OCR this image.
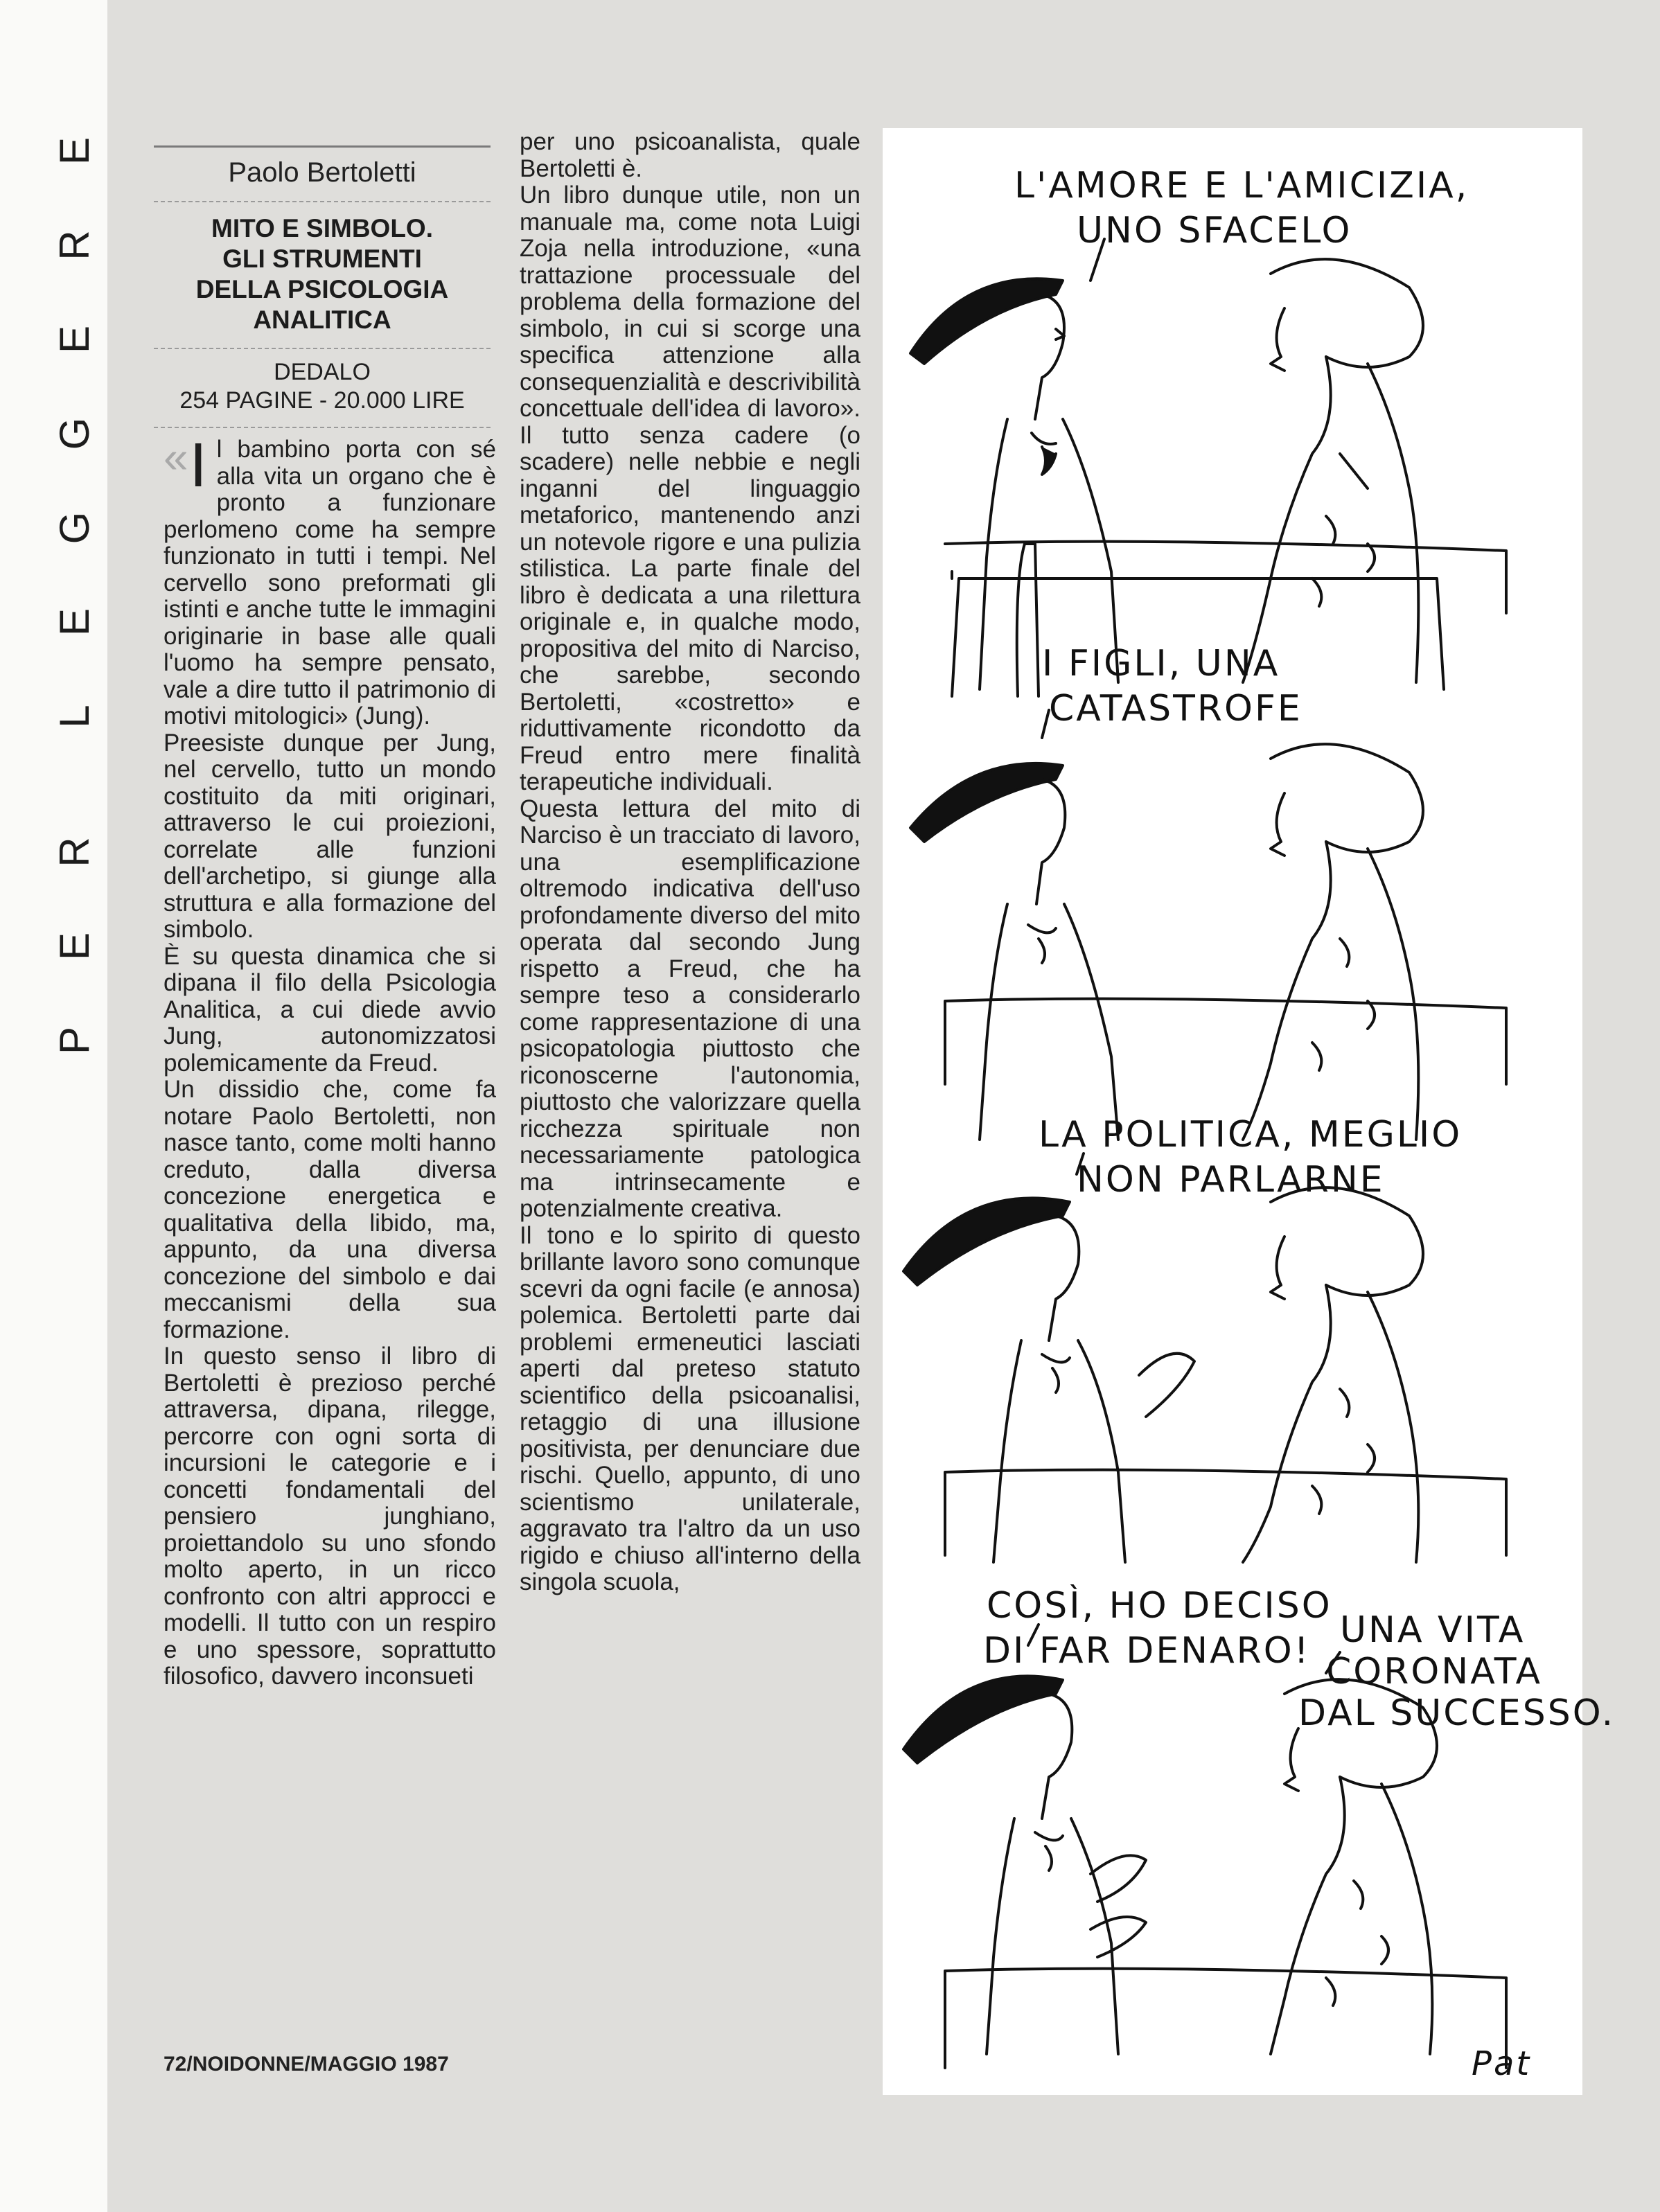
E
R
E
G
G
E
L
R
E
P
Paolo Bertoletti
MITO E SIMBOLO.
GLI STRUMENTI
DELLA PSICOLOGIA
ANALITICA
DEDALO
254 PAGINE - 20.000 LIRE

« I l bambino porta con sé alla vita un organo che è pronto a funzionare perlomeno come ha sempre funzionato in tutti i tempi. Nel cervello sono preformati gli istinti e anche tutte le immagini originarie in base alle quali l'uomo ha sempre pensato, vale a dire tutto il patrimonio di motivi mitologici» (Jung).

Preesiste dunque per Jung, nel cervello, tutto un mondo costituito da miti originari, attraverso le cui proiezioni, correlate alle funzioni dell'archetipo, si giunge alla struttura e alla formazione del simbolo.

È su questa dinamica che si dipana il filo della Psicologia Analitica, a cui diede avvio Jung, autonomizzatosi polemicamente da Freud.

Un dissidio che, come fa notare Paolo Bertoletti, non nasce tanto, come molti hanno creduto, dalla diversa concezione energetica e qualitativa della libido, ma, appunto, da una diversa concezione del simbolo e dai meccanismi della sua formazione.

In questo senso il libro di Bertoletti è prezioso perché attraversa, dipana, rilegge, percorre con ogni sorta di incursioni le categorie e i concetti fondamentali del pensiero junghiano, proiettandolo su uno sfondo molto aperto, in un ricco confronto con altri approcci e modelli. Il tutto con un respiro e uno spessore, soprattutto filosofico, davvero inconsueti

per uno psicoanalista, quale Bertoletti è.

Un libro dunque utile, non un manuale ma, come nota Luigi Zoja nella introduzione, «una trattazione processuale del problema della formazione del simbolo, in cui si scorge una specifica attenzione alla consequenzialità e descrivibilità concettuale dell'idea di lavoro». Il tutto senza cadere (o scadere) nelle nebbie e negli inganni del linguaggio metaforico, mantenendo anzi un notevole rigore e una pulizia stilistica. La parte finale del libro è dedicata a una rilettura originale e, in qualche modo, propositiva del mito di Narciso, che sarebbe, secondo Bertoletti, «costretto» e riduttivamente ricondotto da Freud entro mere finalità terapeutiche individuali.

Questa lettura del mito di Narciso è un tracciato di lavoro, una esemplificazione oltremodo indicativa dell'uso profondamente diverso del mito operata dal secondo Jung rispetto a Freud, che ha sempre teso a considerarlo come rappresentazione di una psicopatologia piuttosto che riconoscerne l'autonomia, piuttosto che valorizzare quella ricchezza spirituale non necessariamente patologica ma intrinsecamente e potenzialmente creativa.

Il tono e lo spirito di questo brillante lavoro sono comunque scevri da ogni facile (e annosa) polemica. Bertoletti parte dai problemi ermeneutici lasciati aperti dal preteso statuto scientifico della psicoanalisi, retaggio di una illusione positivista, per denunciare due rischi. Quello, appunto, di uno scientismo unilaterale, aggravato tra l'altro da un uso rigido e chiuso all'interno della singola scuola,

72/NOIDONNE/MAGGIO 1987
L'AMORE E L'AMICIZIA,
UNO SFACELO
I FIGLI, UNA
CATASTROFE
LA POLITICA, MEGLIO
NON PARLARNE
COSÌ, HO DECISO
DI FAR DENARO! UNA VITA
CORONATA
DAL SUCCESSO.
Pat
